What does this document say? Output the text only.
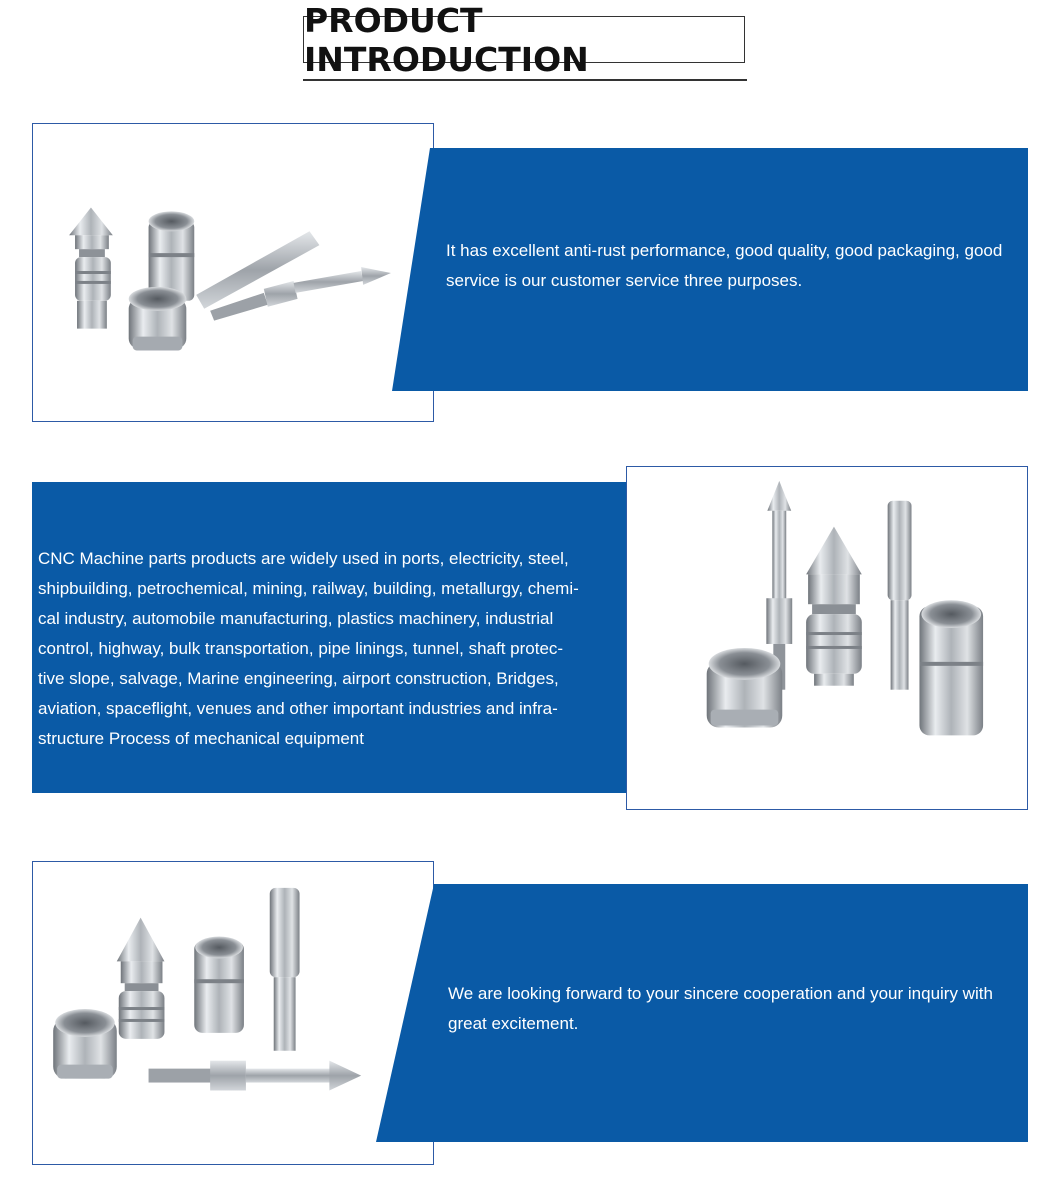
PRODUCT INTRODUCTION
It has excellent anti-rust performance, good quality, good packaging, good service is our customer service three purposes.
CNC Machine parts products are widely used in ports, electricity, steel,
shipbuilding, petrochemical, mining, railway, building, metallurgy, chemi-
cal industry, automobile manufacturing, plastics machinery, industrial
control, highway, bulk transportation, pipe linings, tunnel, shaft protec-
tive slope, salvage, Marine engineering, airport construction, Bridges,
aviation, spaceflight, venues and other important industries and infra-
structure Process of mechanical equipment
We are looking forward to your sincere cooperation and your inquiry with great excitement.
